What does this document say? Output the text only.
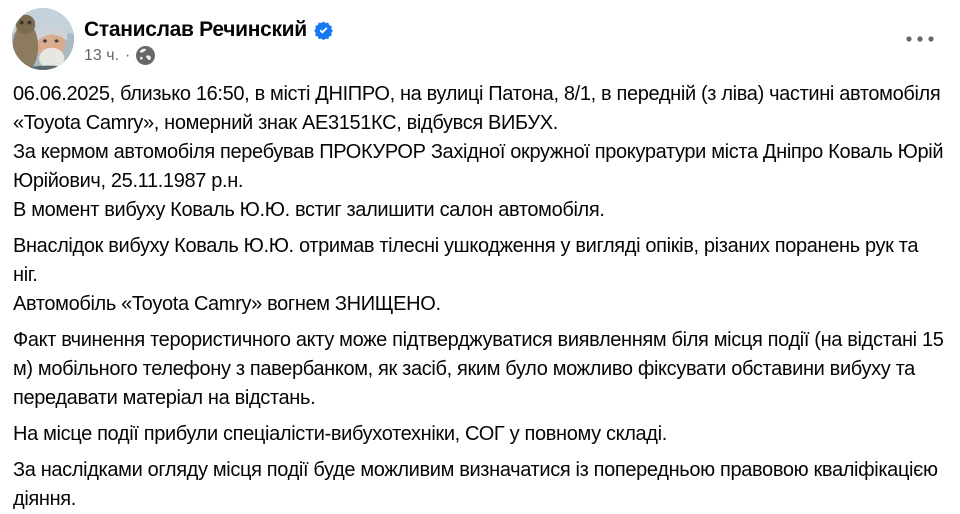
Станислав Речинский
13 ч. ·
06.06.2025, близько 16:50, в місті ДНІПРО, на вулиці Патона, 8/1, в передній (з ліва) частині автомобіля «Toyota Camry», номерний знак АЕ3151КС, відбувся ВИБУХ.
За кермом автомобіля перебував ПРОКУРОР Західної окружної прокуратури міста Дніпро Коваль Юрій Юрійович, 25.11.1987 р.н.
В момент вибуху Коваль Ю.Ю. встиг залишити салон автомобіля.
Внаслідок вибуху Коваль Ю.Ю. отримав тілесні ушкодження у вигляді опіків, різаних поранень рук та ніг.
Автомобіль «Toyota Camry» вогнем ЗНИЩЕНО.
Факт вчинення терористичного акту може підтверджуватися виявленням біля місця події (на відстані 15 м) мобільного телефону з павербанком, як засіб, яким було можливо фіксувати обставини вибуху та передавати матеріал на відстань.
На місце події прибули спеціалісти-вибухотехніки, СОГ у повному складі.
За наслідками огляду місця події буде можливим визначатися із попередньою правовою кваліфікацією діяння.
